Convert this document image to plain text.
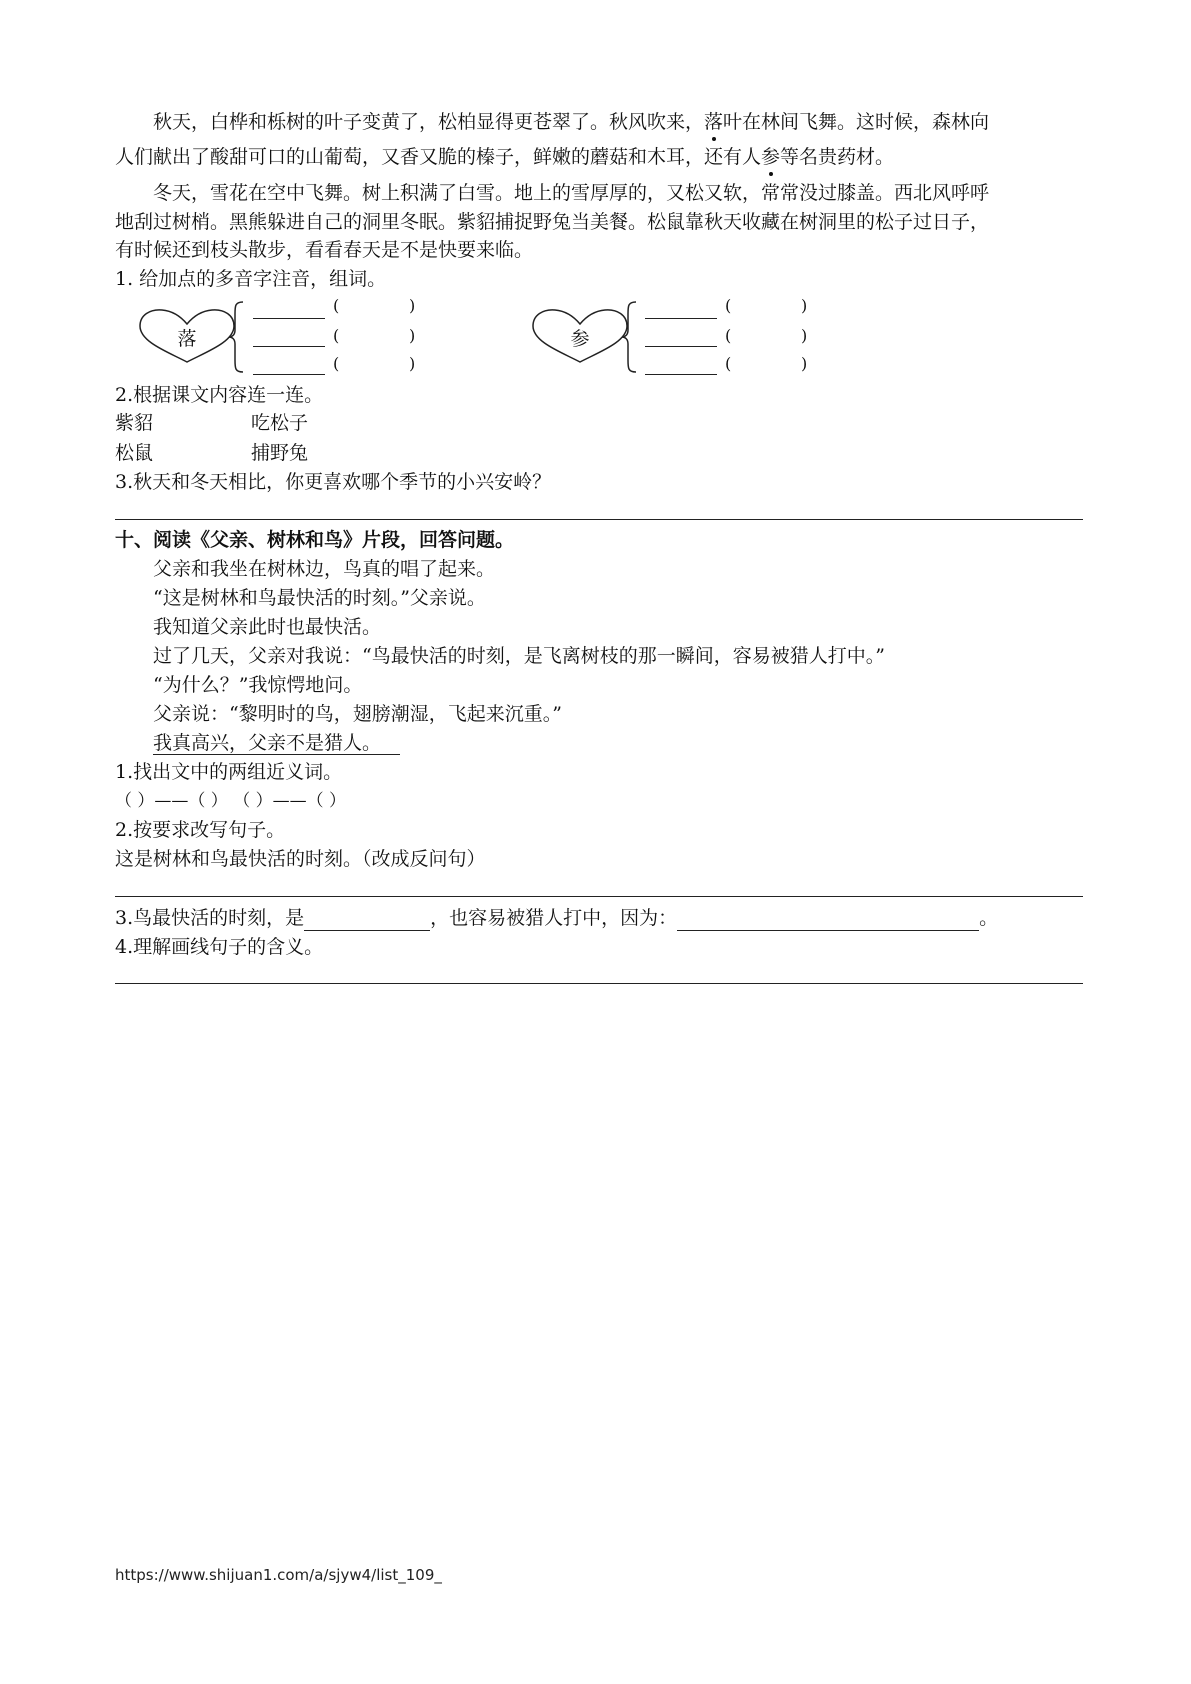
秋天，白桦和栎树的叶子变黄了，松柏显得更苍翠了。秋风吹来，落叶在林间飞舞。这时候，森林向
人们献出了酸甜可口的山葡萄，又香又脆的榛子，鲜嫩的蘑菇和木耳，还有人参等名贵药材。
冬天，雪花在空中飞舞。树上积满了白雪。地上的雪厚厚的，又松又软，常常没过膝盖。西北风呼呼
地刮过树梢。黑熊躲进自己的洞里冬眠。紫貂捕捉野兔当美餐。松鼠靠秋天收藏在树洞里的松子过日子，
有时候还到枝头散步，看看春天是不是快要来临。
1. 给加点的多音字注音，组词。
落
(	)
(	)
(	)
参
(	)
(	)
(	)
2.根据课文内容连一连。
紫貂	吃松子
松鼠	捕野兔
3.秋天和冬天相比，你更喜欢哪个季节的小兴安岭？
十、阅读《父亲、树林和鸟》片段，回答问题。
父亲和我坐在树林边，鸟真的唱了起来。
“这是树林和鸟最快活的时刻。”父亲说。
我知道父亲此时也最快活。
过了几天，父亲对我说：“鸟最快活的时刻，是飞离树枝的那一瞬间，容易被猎人打中。”
“为什么？”我惊愕地问。
父亲说：“黎明时的鸟，翅膀潮湿，飞起来沉重。”
我真高兴，父亲不是猎人。 
1.找出文中的两组近义词。
（ ）——（ ） （ ）——（ ）
2.按要求改写句子。
这是树林和鸟最快活的时刻。（改成反问句）
3.鸟最快活的时刻，是	，也容易被猎人打中，因为：	。
4.理解画线句子的含义。
https://www.shijuan1.com/a/sjyw4/list_109_
